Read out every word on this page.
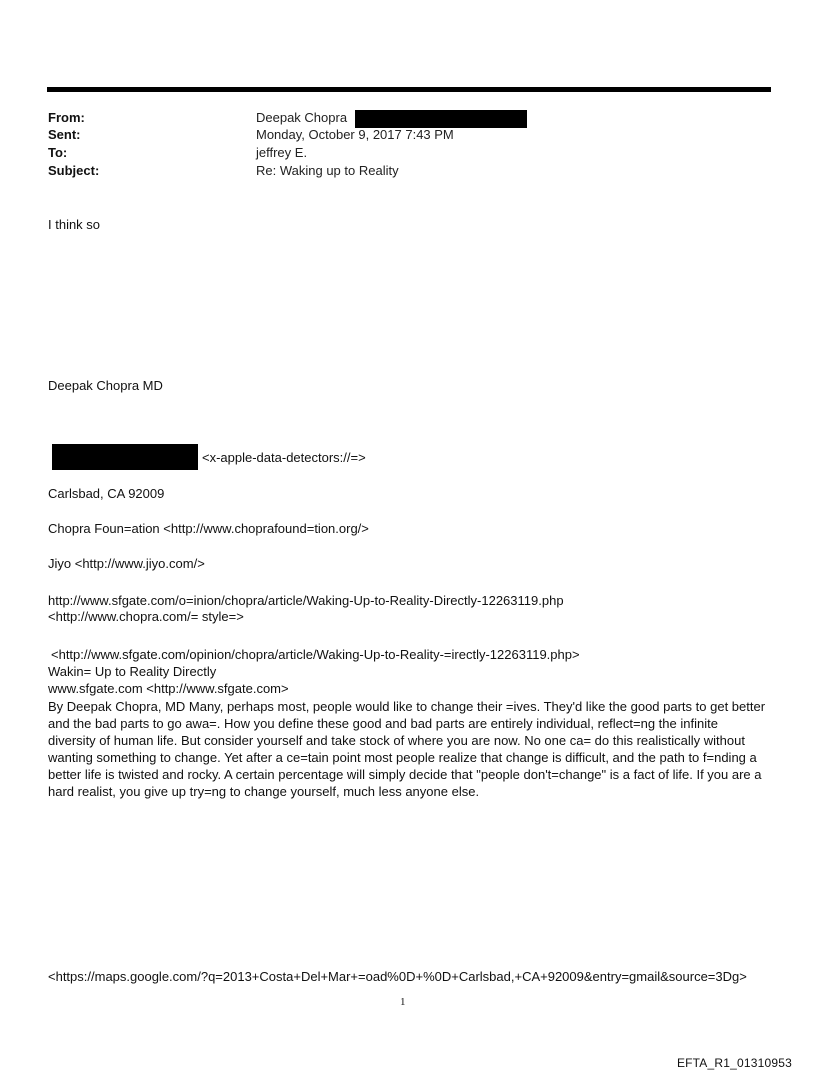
From:	Deepak Chopra
Sent:	Monday, October 9, 2017 7:43 PM
To:	jeffrey E.
Subject:	Re: Waking up to Reality
I think so
Deepak Chopra MD
<x-apple-data-detectors://=>
Carlsbad, CA 92009
Chopra Foun=ation <http://www.choprafound=tion.org/>
Jiyo <http://www.jiyo.com/>
http://www.sfgate.com/o=inion/chopra/article/Waking-Up-to-Reality-Directly-12263119.php
<http://www.chopra.com/= style=>
<http://www.sfgate.com/opinion/chopra/article/Waking-Up-to-Reality-=irectly-12263119.php>
Wakin= Up to Reality Directly
www.sfgate.com <http://www.sfgate.com>
By Deepak Chopra, MD Many, perhaps most, people would like to change their =ives. They'd like the good parts to get better and the bad parts to go awa=. How you define these good and bad parts are entirely individual, reflect=ng the infinite diversity of human life. But consider yourself and take stock of where you are now. No one ca= do this realistically without wanting something to change. Yet after a ce=tain point most people realize that change is difficult, and the path to f=nding a better life is twisted and rocky. A certain percentage will simply decide that "people don't=change" is a fact of life. If you are a hard realist, you give up try=ng to change yourself, much less anyone else.
<https://maps.google.com/?q=2013+Costa+Del+Mar+=oad%0D+%0D+Carlsbad,+CA+92009&entry=gmail&source=3Dg>
1
EFTA_R1_01310953
